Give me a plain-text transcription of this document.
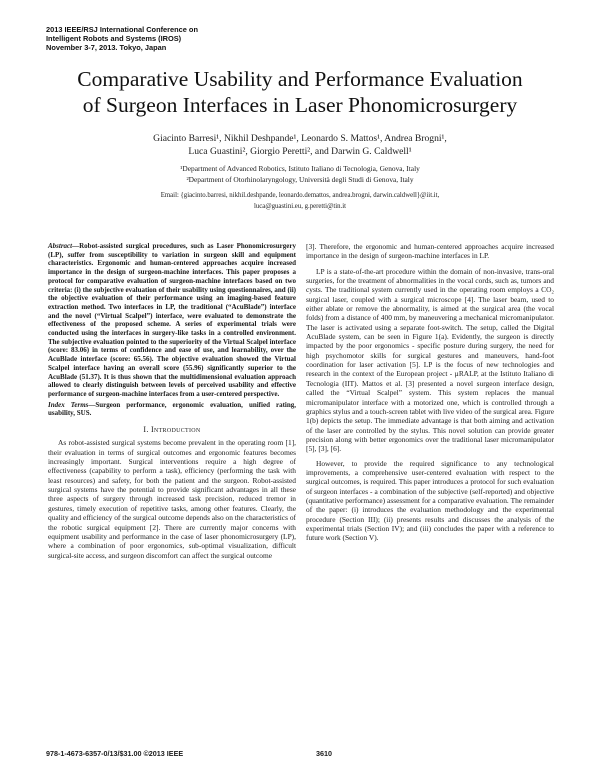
2013 IEEE/RSJ International Conference on
Intelligent Robots and Systems (IROS)
November 3-7, 2013. Tokyo, Japan
Comparative Usability and Performance Evaluation
of Surgeon Interfaces in Laser Phonomicrosurgery
Giacinto Barresi¹, Nikhil Deshpande¹, Leonardo S. Mattos¹, Andrea Brogni¹,
Luca Guastini², Giorgio Peretti², and Darwin G. Caldwell¹
¹Department of Advanced Robotics, Istituto Italiano di Tecnologia, Genova, Italy
²Department of Otorhinolaryngology, Università degli Studi di Genova, Italy
Email: {giacinto.barresi, nikhil.deshpande, leonardo.demattos, andrea.brogni, darwin.caldwell}@iit.it,
luca@guastini.eu, g.peretti@tin.it
Abstract—Robot-assisted surgical procedures, such as Laser Phonomicrosurgery (LP), suffer from susceptibility to variation in surgeon skill and equipment characteristics. Ergonomic and human-centered approaches acquire increased importance in the design of surgeon-machine interfaces. This paper proposes a protocol for comparative evaluation of surgeon-machine interfaces based on two criteria: (i) the subjective evaluation of their usability using questionnaires, and (ii) the objective evaluation of their performance using an imaging-based feature extraction method. Two interfaces in LP, the traditional (“AcuBlade”) interface and the novel (“Virtual Scalpel”) interface, were evaluated to demonstrate the effectiveness of the proposed scheme. A series of experimental trials were conducted using the interfaces in surgery-like tasks in a controlled environment. The subjective evaluation pointed to the superiority of the Virtual Scalpel interface (score: 83.06) in terms of confidence and ease of use, and learnability, over the AcuBlade interface (score: 65.56). The objective evaluation showed the Virtual Scalpel interface having an overall score (55.96) significantly superior to the AcuBlade (51.37). It is thus shown that the multidimensional evaluation approach allowed to clearly distinguish between levels of perceived usability and effective performance of surgeon-machine interfaces from a user-centered perspective.
Index Terms—Surgeon performance, ergonomic evaluation, unified rating, usability, SUS.
I. Introduction

As robot-assisted surgical systems become prevalent in the operating room [1], their evaluation in terms of surgical outcomes and ergonomic features becomes increasingly important. Surgical interventions require a high degree of effectiveness (capability to perform a task), efficiency (performing the task with least resources) and safety, for both the patient and the surgeon. Robot-assisted surgical systems have the potential to provide significant advantages in all these three aspects of surgery through increased task precision, reduced tremor in gestures, timely execution of repetitive tasks, among other features. Clearly, the quality and efficiency of the surgical outcome depends also on the characteristics of the robotic surgical equipment [2]. There are currently major concerns with equipment usability and performance in the case of laser phonomicrosurgery (LP), where a combination of poor ergonomics, sub-optimal visualization, difficult surgical-site access, and surgeon discomfort can affect the surgical outcome

[3]. Therefore, the ergonomic and human-centered approaches acquire increased importance in the design of surgeon-machine interfaces in LP.

LP is a state-of-the-art procedure within the domain of non-invasive, trans-oral surgeries, for the treatment of abnormalities in the vocal cords, such as, tumors and cysts. The traditional system currently used in the operating room employs a CO₂ surgical laser, coupled with a surgical microscope [4]. The laser beam, used to either ablate or remove the abnormality, is aimed at the surgical area (the vocal folds) from a distance of 400 mm, by maneuvering a mechanical micromanipulator. The laser is activated using a separate foot-switch. The setup, called the Digital AcuBlade system, can be seen in Figure 1(a). Evidently, the surgeon is directly impacted by the poor ergonomics - specific posture during surgery, the need for high psychomotor skills for surgical gestures and maneuvers, hand-foot coordination for laser activation [5]. LP is the focus of new technologies and research in the context of the European project - µRALP, at the Istituto Italiano di Tecnologia (IIT). Mattos et al. [3] presented a novel surgeon interface design, called the “Virtual Scalpel” system. This system replaces the manual micromanipulator interface with a motorized one, which is controlled through a graphics stylus and a touch-screen tablet with live video of the surgical area. Figure 1(b) depicts the setup. The immediate advantage is that both aiming and activation of the laser are controlled by the stylus. This novel solution can provide greater precision along with better ergonomics over the traditional laser micromanipulator [5], [3], [6].

However, to provide the required significance to any technological improvements, a comprehensive user-centered evaluation with respect to the surgical outcomes, is required. This paper introduces a protocol for such evaluation of surgeon interfaces - a combination of the subjective (self-reported) and objective (quantitative performance) assessment for a comparative evaluation. The remainder of the paper: (i) introduces the evaluation methodology and the experimental procedure (Section III); (ii) presents results and discusses the analysis of the experimental trials (Section IV); and (iii) concludes the paper with a reference to future work (Section V).

978-1-4673-6357-0/13/$31.00 ©2013 IEEE	3610
